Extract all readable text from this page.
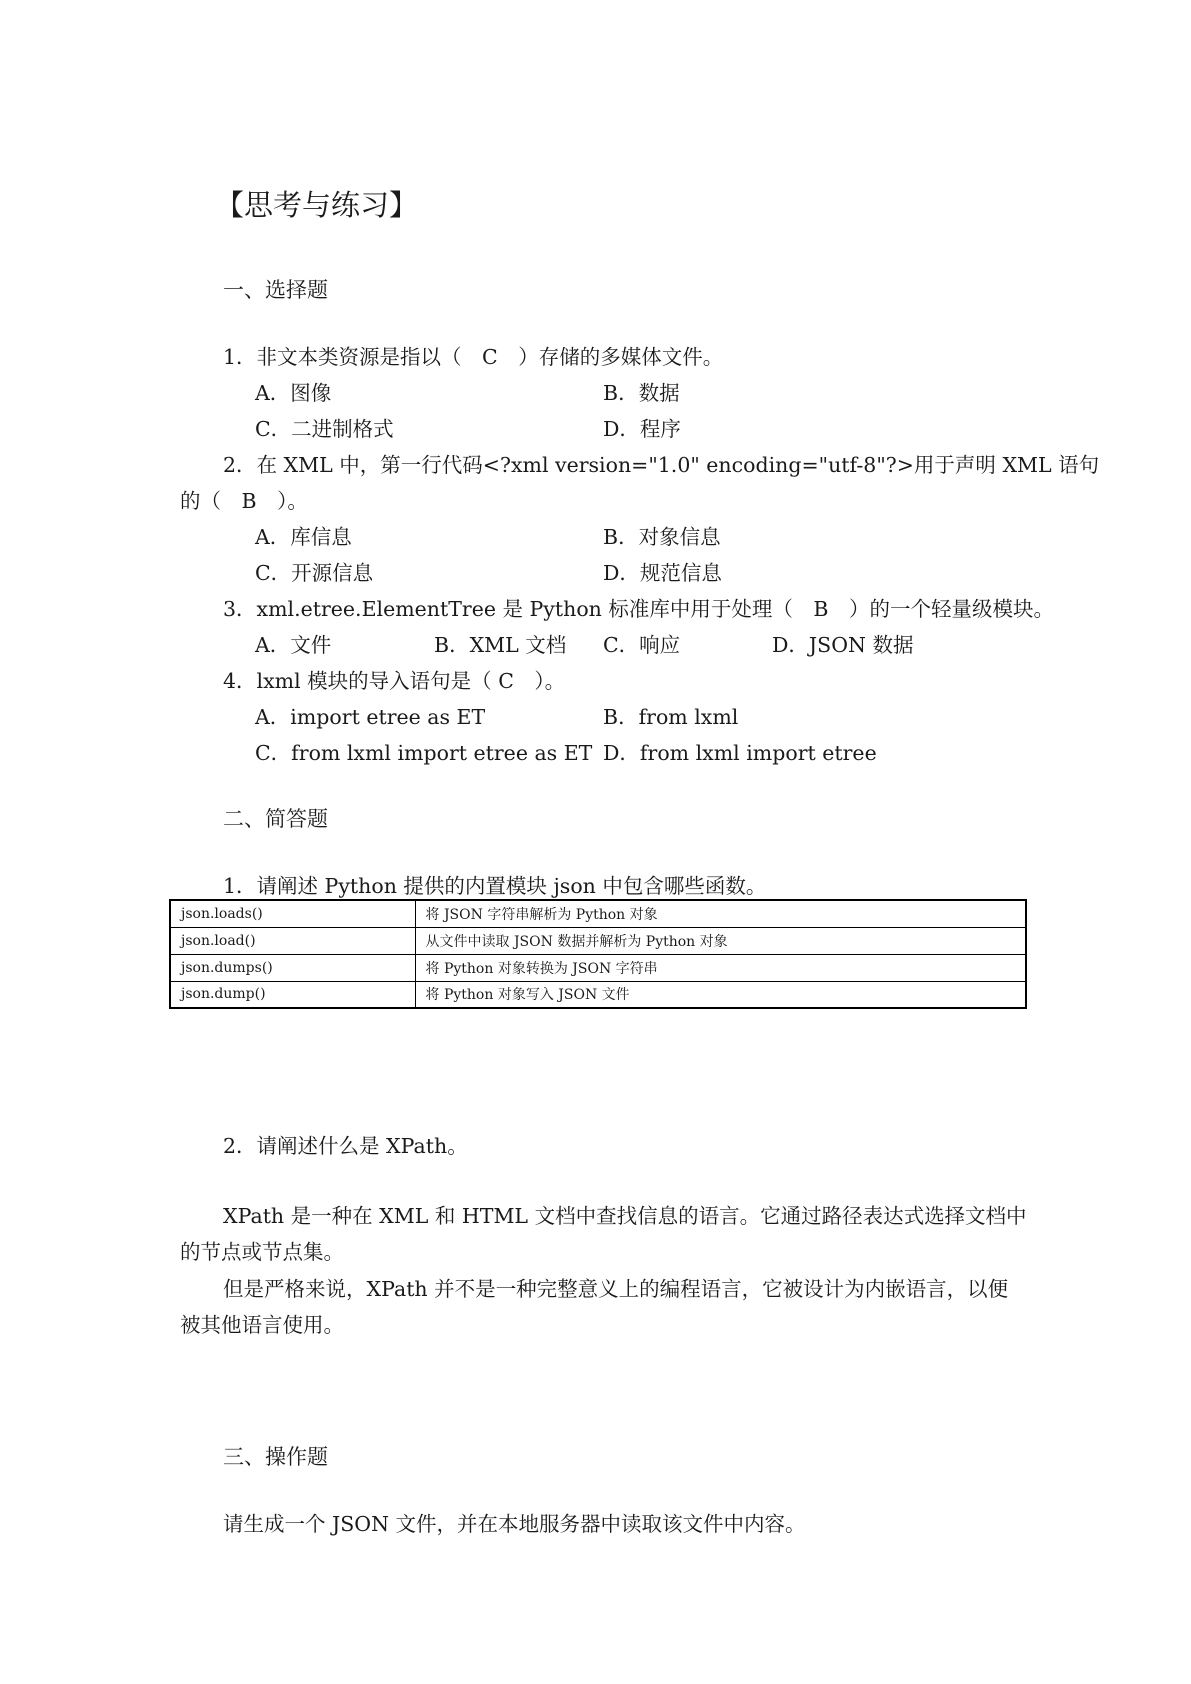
【思考与练习】
一、选择题
1．非文本类资源是指以（　C　）存储的多媒体文件。
A．图像	B．数据
C．二进制格式	D．程序
2．在 XML 中，第一行代码<?xml version="1.0" encoding="utf-8"?>用于声明 XML 语句
的（　B　）。
A．库信息	B．对象信息
C．开源信息	D．规范信息
3．xml.etree.ElementTree 是 Python 标准库中用于处理（　B　）的一个轻量级模块。
A．文件	B．XML 文档 C．响应	D．JSON 数据
4．lxml 模块的导入语句是（ C　）。
A．import etree as ET	B．from lxml
C．from lxml import etree as ET D．from lxml import etree
二、简答题
1．请阐述 Python 提供的内置模块 json 中包含哪些函数。
json.loads()	将 JSON 字符串解析为 Python 对象
json.load()	从文件中读取 JSON 数据并解析为 Python 对象
json.dumps()	将 Python 对象转换为 JSON 字符串
json.dump()	将 Python 对象写入 JSON 文件
2．请阐述什么是 XPath。
XPath 是一种在 XML 和 HTML 文档中查找信息的语言。它通过路径表达式选择文档中
的节点或节点集。
但是严格来说，XPath 并不是一种完整意义上的编程语言，它被设计为内嵌语言，以便
被其他语言使用。
三、操作题
请生成一个 JSON 文件，并在本地服务器中读取该文件中内容。
